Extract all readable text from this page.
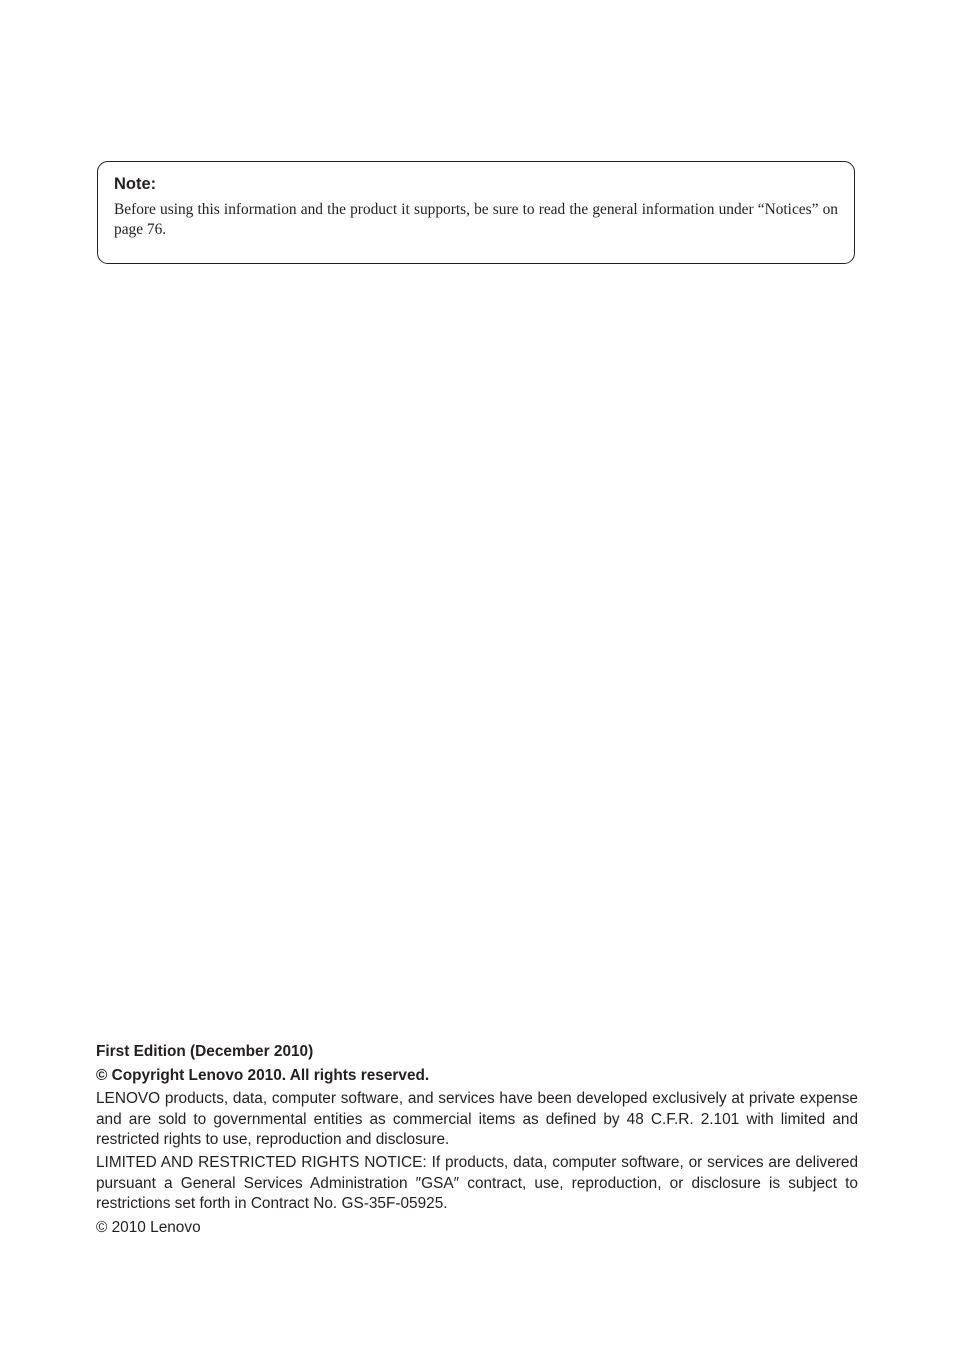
Note:

Before using this information and the product it supports, be sure to read the general information under “Notices” on page 76.

First Edition (December 2010)

© Copyright Lenovo 2010. All rights reserved.

LENOVO products, data, computer software, and services have been developed exclusively at private expense and are sold to governmental entities as commercial items as defined by 48 C.F.R. 2.101 with limited and restricted rights to use, reproduction and disclosure.

LIMITED AND RESTRICTED RIGHTS NOTICE: If products, data, computer software, or services are delivered pursuant a General Services Administration ″GSA″ contract, use, reproduction, or disclosure is subject to restrictions set forth in Contract No. GS-35F-05925.

© 2010 Lenovo
